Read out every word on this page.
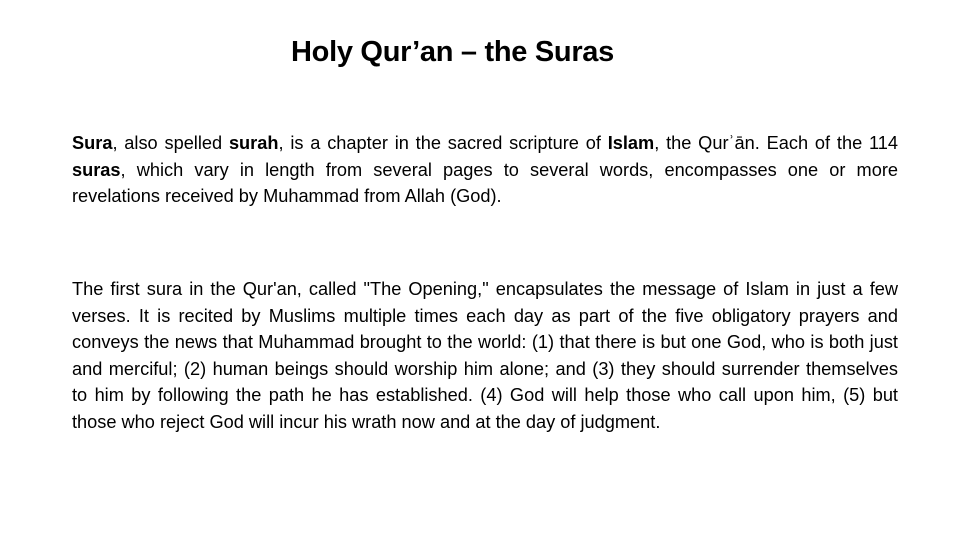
Holy Qur’an – the Suras

Sura, also spelled surah, is a chapter in the sacred scripture of Islam, the Qurʾān. Each of the 114 suras, which vary in length from several pages to several words, encompasses one or more revelations received by Muhammad from Allah (God).

The first sura in the Qur'an, called "The Opening," encapsulates the message of Islam in just a few verses. It is recited by Muslims multiple times each day as part of the five obligatory prayers and conveys the news that Muhammad brought to the world: (1) that there is but one God, who is both just and merciful; (2) human beings should worship him alone; and (3) they should surrender themselves to him by following the path he has established. (4) God will help those who call upon him, (5) but those who reject God will incur his wrath now and at the day of judgment.
